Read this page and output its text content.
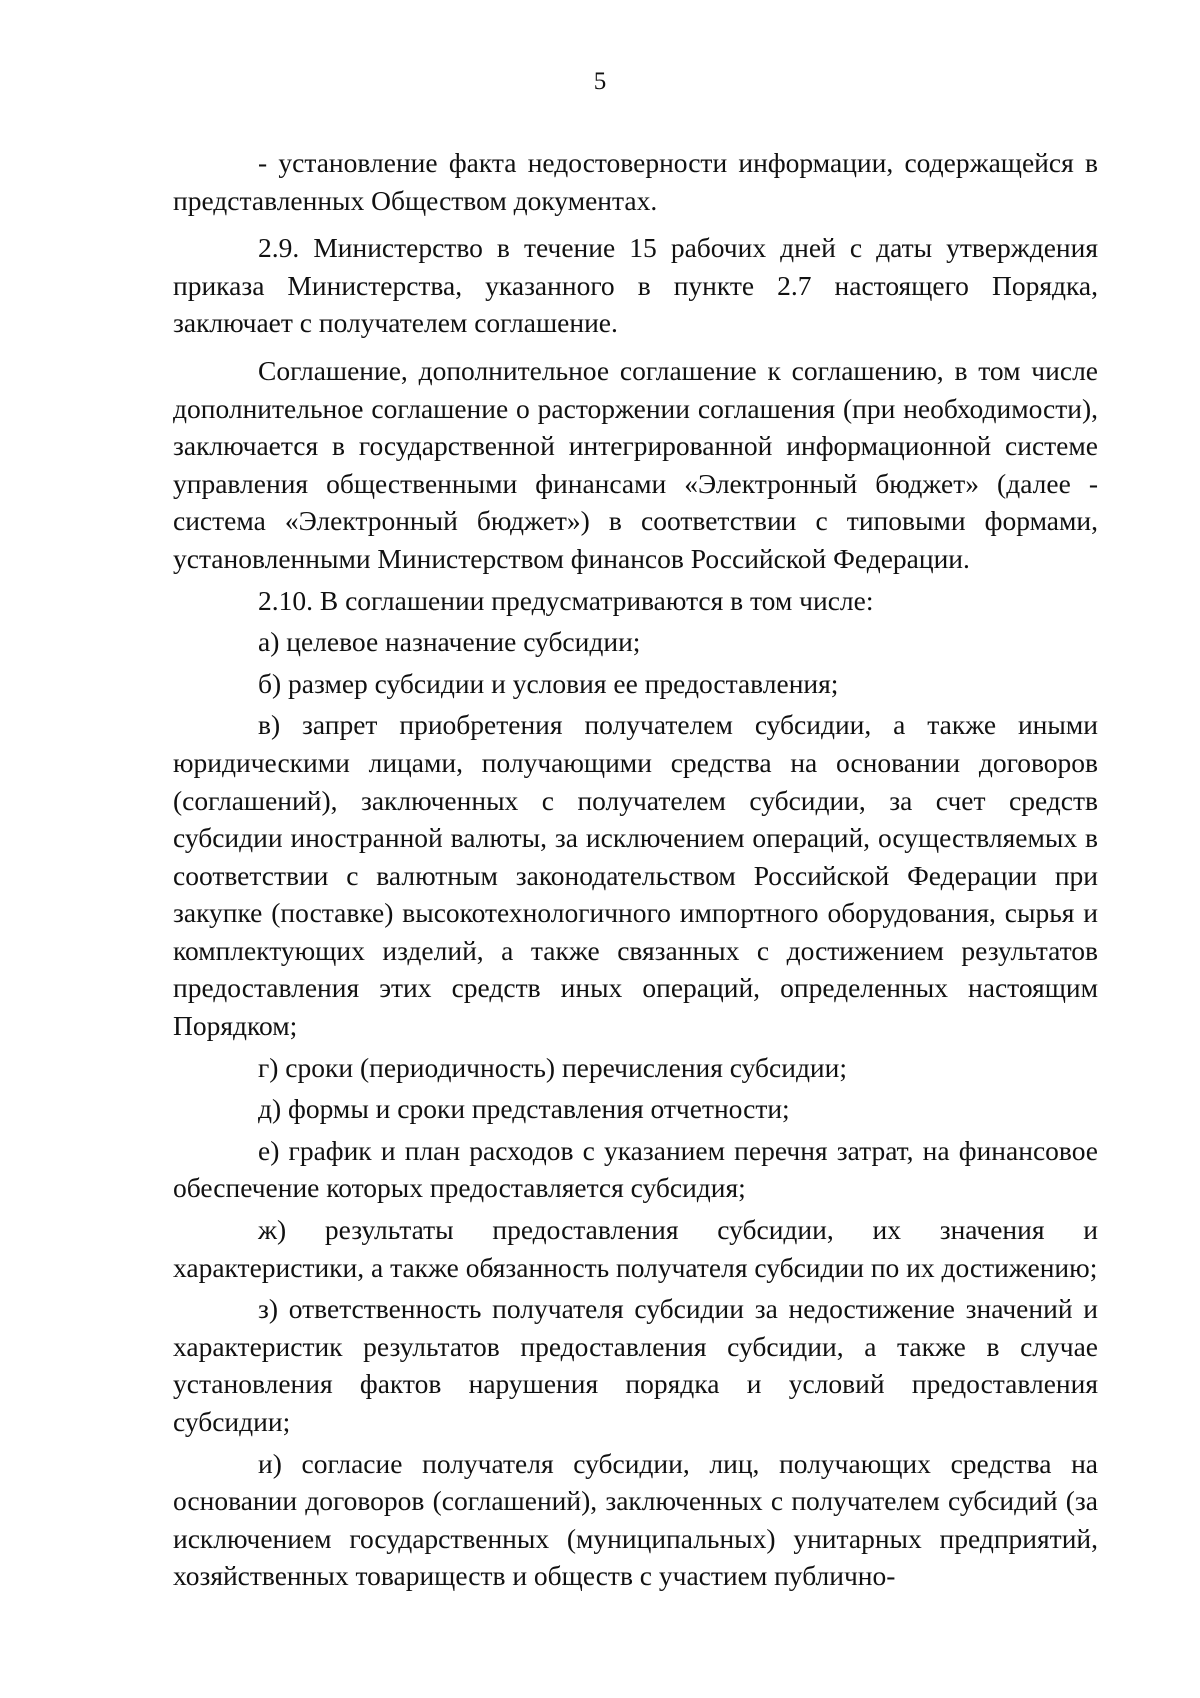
5

- установление факта недостоверности информации, содержащейся в представленных Обществом документах.

2.9. Министерство в течение 15 рабочих дней с даты утверждения приказа Министерства, указанного в пункте 2.7 настоящего Порядка, заключает с получателем соглашение.

Соглашение, дополнительное соглашение к соглашению, в том числе дополнительное соглашение о расторжении соглашения (при необходимости), заключается в государственной интегрированной информационной системе управления общественными финансами «Электронный бюджет» (далее - система «Электронный бюджет») в соответствии с типовыми формами, установленными Министерством финансов Российской Федерации.

2.10. В соглашении предусматриваются в том числе:

а) целевое назначение субсидии;

б) размер субсидии и условия ее предоставления;

в) запрет приобретения получателем субсидии, а также иными юридическими лицами, получающими средства на основании договоров (соглашений), заключенных с получателем субсидии, за счет средств субсидии иностранной валюты, за исключением операций, осуществляемых в соответствии с валютным законодательством Российской Федерации при закупке (поставке) высокотехнологичного импортного оборудования, сырья и комплектующих изделий, а также связанных с достижением результатов предоставления этих средств иных операций, определенных настоящим Порядком;

г) сроки (периодичность) перечисления субсидии;

д) формы и сроки представления отчетности;

е) график и план расходов с указанием перечня затрат, на финансовое обеспечение которых предоставляется субсидия;

ж) результаты предоставления субсидии, их значения и характеристики, а также обязанность получателя субсидии по их достижению;

з) ответственность получателя субсидии за недостижение значений и характеристик результатов предоставления субсидии, а также в случае установления фактов нарушения порядка и условий предоставления субсидии;

и) согласие получателя субсидии, лиц, получающих средства на основании договоров (соглашений), заключенных с получателем субсидий (за исключением государственных (муниципальных) унитарных предприятий, хозяйственных товариществ и обществ с участием публично-
